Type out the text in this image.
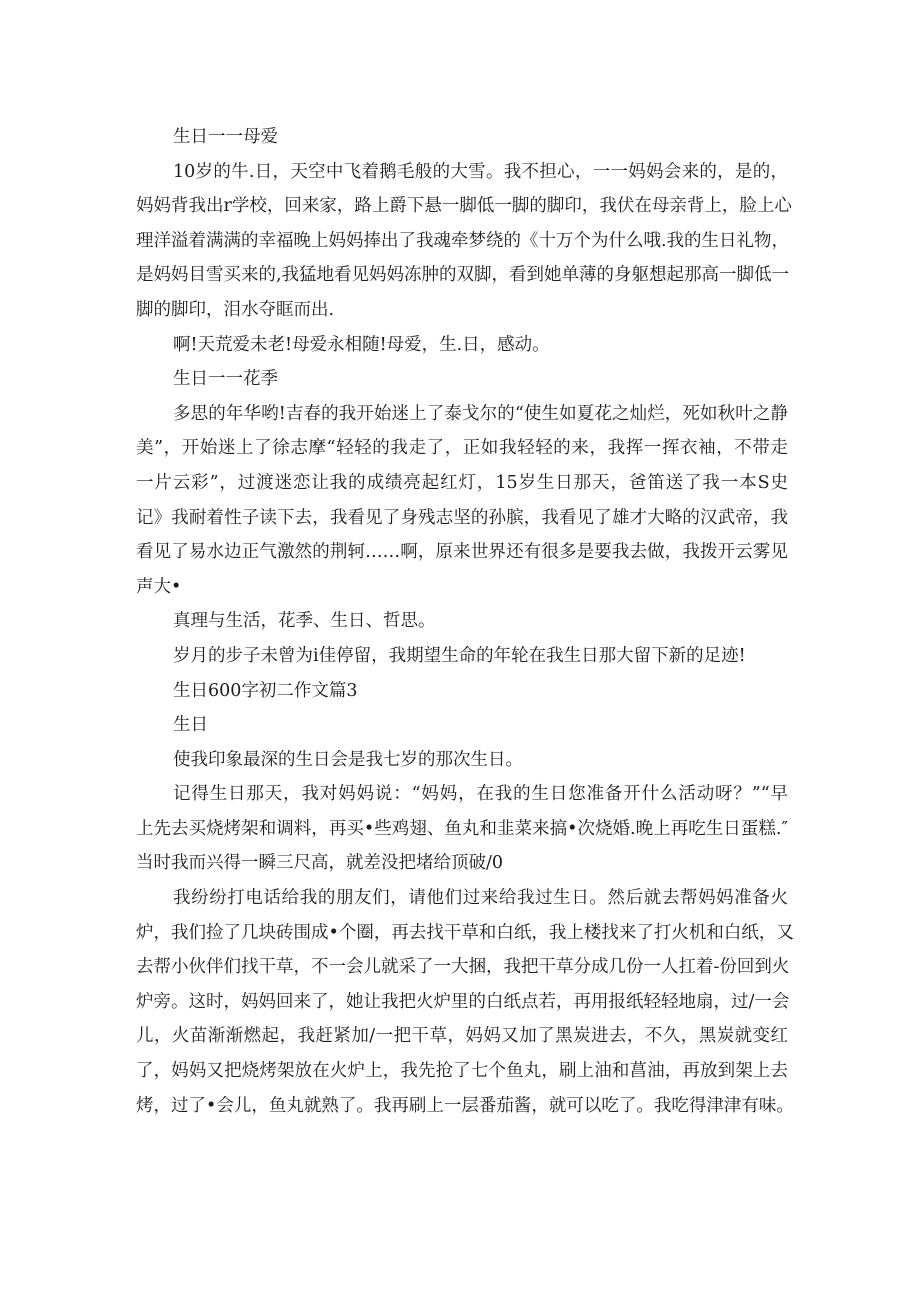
生日一一母爱

10岁的牛.日，天空中飞着鹅毛般的大雪。我不担心，一一妈妈会来的，是的，

妈妈背我出r学校，回来家，路上爵下悬一脚低一脚的脚印，我伏在母亲背上，脸上心

理洋溢着满满的幸福晚上妈妈捧出了我魂牵梦绕的《十万个为什么哦.我的生日礼物，

是妈妈目雪买来的,我猛地看见妈妈冻肿的双脚，看到她单薄的身躯想起那高一脚低一

脚的脚印，泪水夺眶而出.

啊!天荒爱未老!母爱永相随!母爱，生.日，感动。

生日一一花季

多思的年华哟!吉春的我开始迷上了泰戈尔的“使生如夏花之灿烂，死如秋叶之静

美”，开始迷上了徐志摩“轻轻的我走了，正如我轻轻的来，我挥一挥衣袖，不带走

一片云彩”，过渡迷恋让我的成绩亮起红灯，15岁生日那天，爸笛送了我一本S史

记》我耐着性子读下去，我看见了身残志坚的孙膑，我看见了雄才大略的汉武帝，我

看见了易水边正气激然的荆轲……啊，原来世界还有很多是要我去做，我拨开云雾见

声大•

真理与生活，花季、生日、哲思。

岁月的步子未曾为i佳停留，我期望生命的年轮在我生日那大留下新的足迹!

生日600字初二作文篇3

生日

使我印象最深的生日会是我七岁的那次生日。

记得生日那天，我对妈妈说：“妈妈，在我的生日您准备开什么活动呀？”“早

上先去买烧烤架和调料，再买•些鸡翅、鱼丸和韭菜来搞•次烧婚.晚上再吃生日蛋糕.″

当时我而兴得一瞬三尺高，就差没把堵给顶破/0

我纷纷打电话给我的朋友们，请他们过来给我过生日。然后就去帮妈妈准备火

炉，我们捡了几块砖围成•个圈，再去找干草和白纸，我上楼找来了打火机和白纸，又

去帮小伙伴们找干草，不一会儿就采了一大捆，我把干草分成几份一人扛着-份回到火

炉旁。这时，妈妈回来了，她让我把火炉里的白纸点若，再用报纸轻轻地扇，过/一会

儿，火苗渐渐燃起，我赶紧加/一把干草，妈妈又加了黑炭进去，不久，黑炭就变红

了，妈妈又把烧烤架放在火炉上，我先抢了七个鱼丸，刷上油和菖油，再放到架上去

烤，过了•会儿，鱼丸就熟了。我再刷上一层番茄酱，就可以吃了。我吃得津津有味。
